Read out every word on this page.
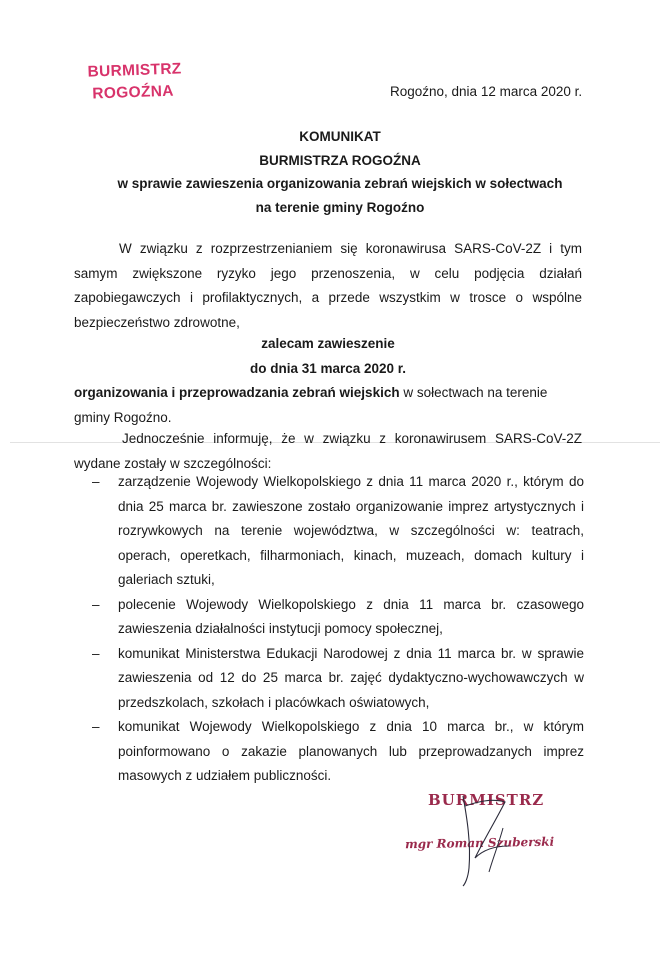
BURMISTRZ
ROGOŹNA	Rogoźno, dnia 12 marca 2020 r.
KOMUNIKAT
BURMISTRZA ROGOŹNA
w sprawie zawieszenia organizowania zebrań wiejskich w sołectwach
na terenie gminy Rogoźno
W związku z rozprzestrzenianiem się koronawirusa SARS-CoV-2Z i tym samym zwiększone ryzyko jego przenoszenia, w celu podjęcia działań zapobiegawczych i profilaktycznych, a przede wszystkim w trosce o wspólne bezpieczeństwo zdrowotne,
zalecam zawieszenie
do dnia 31 marca 2020 r.
organizowania i przeprowadzania zebrań wiejskich w sołectwach na terenie gminy Rogoźno.
Jednocześnie informuję, że w związku z koronawirusem SARS-CoV-2Z wydane zostały w szczególności:
– zarządzenie Wojewody Wielkopolskiego z dnia 11 marca 2020 r., którym do dnia 25 marca br. zawieszone zostało organizowanie imprez artystycznych i rozrywkowych na terenie województwa, w szczególności w: teatrach, operach, operetkach, filharmoniach, kinach, muzeach, domach kultury i galeriach sztuki,
– polecenie Wojewody Wielkopolskiego z dnia 11 marca br. czasowego zawieszenia działalności instytucji pomocy społecznej,
– komunikat Ministerstwa Edukacji Narodowej z dnia 11 marca br. w sprawie zawieszenia od 12 do 25 marca br. zajęć dydaktyczno-wychowawczych w przedszkolach, szkołach i placówkach oświatowych,
– komunikat Wojewody Wielkopolskiego z dnia 10 marca br., w którym poinformowano o zakazie planowanych lub przeprowadzanych imprez masowych z udziałem publiczności.
BURMISTRZ
mgr Roman Szuberski
